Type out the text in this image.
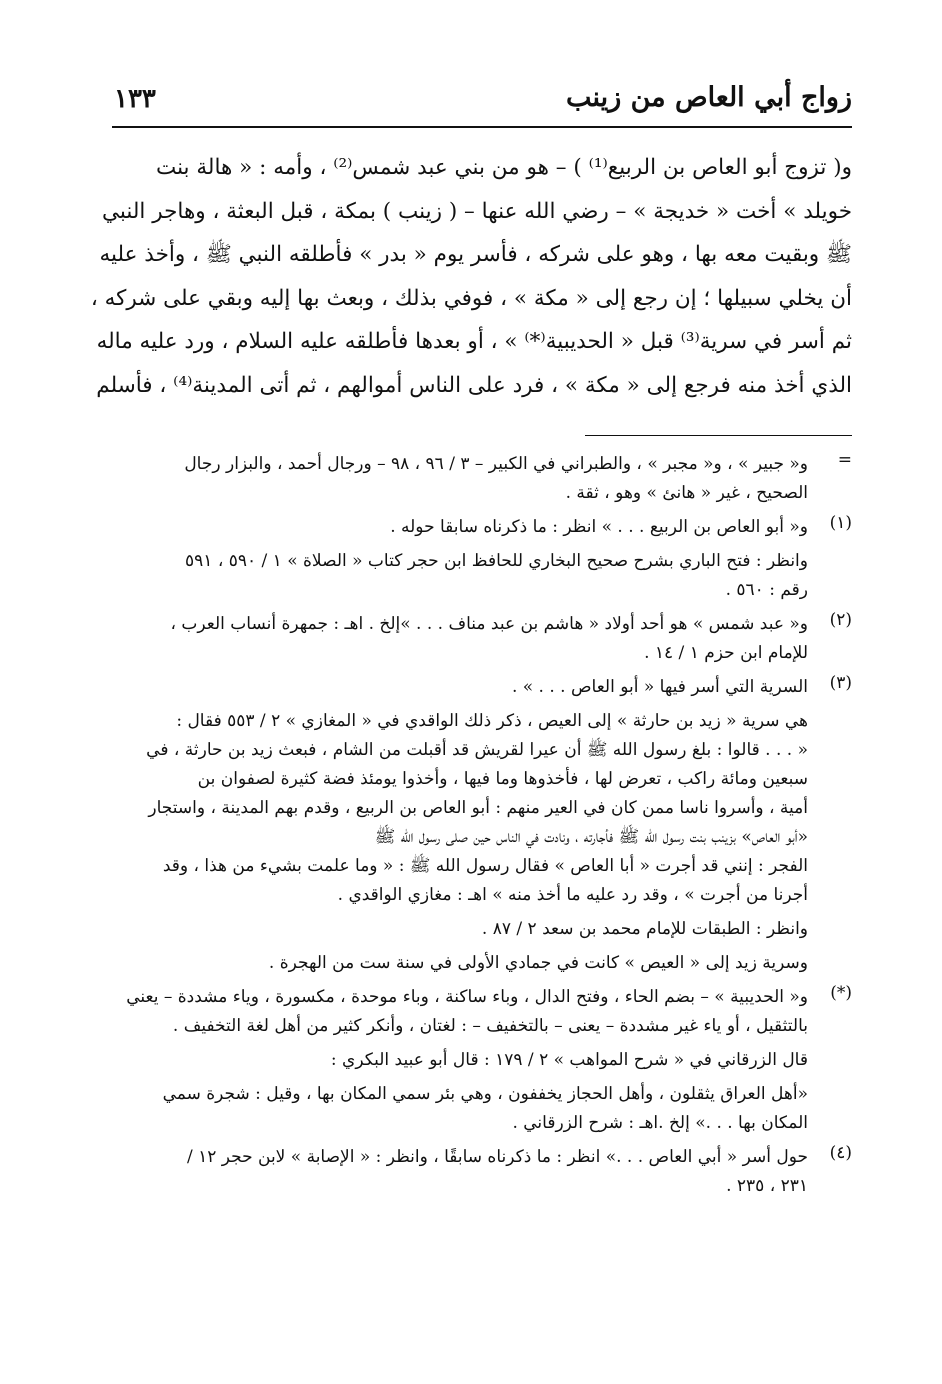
١٣٣	زواج أبي العاص من زينب
و( تزوج أبو العاص بن الربيع⁽¹⁾ ) – هو من بني عبد شمس⁽²⁾ ، وأمه : « هالة بنت
خويلد » أخت « خديجة » – رضي الله عنها – ( زينب ) بمكة ، قبل البعثة ، وهاجر النبي
ﷺ وبقيت معه بها ، وهو على شركه ، فأسر يوم « بدر » فأطلقه النبي ﷺ ، وأخذ عليه
أن يخلي سبيلها ؛ إن رجع إلى « مكة » ، فوفي بذلك ، وبعث بها إليه وبقي على شركه ،
ثم أسر في سرية⁽³⁾ قبل « الحديبية⁽*⁾ » ، أو بعدها فأطلقه عليه السلام ، ورد عليه ماله
الذي أخذ منه فرجع إلى « مكة » ، فرد على الناس أموالهم ، ثم أتى المدينة⁽⁴⁾ ، فأسلم
=
و« جبير » ، و« مجبر » ، والطبراني في الكبير – ٣ / ٩٦ ، ٩٨ – ورجال أحمد ، والبزار رجال
الصحيح ، غير « هانئ » وهو ، ثقة .
(١)
و« أبو العاص بن الربيع . . . » انظر : ما ذكرناه سابقا حوله .
وانظر : فتح الباري بشرح صحيح البخاري للحافظ ابن حجر كتاب « الصلاة » ١ / ٥٩٠ ، ٥٩١
رقم : ٥٦٠ .
(٢)
و« عبد شمس » هو أحد أولاد « هاشم بن عبد مناف . . . »إلخ . اهـ : جمهرة أنساب العرب ،
للإمام ابن حزم ١ / ١٤ .
(٣)
السرية التي أسر فيها « أبو العاص . . . » .
هي سرية « زيد بن حارثة » إلى العيص ، ذكر ذلك الواقدي في « المغازي » ٢ / ٥٥٣ فقال :
« . . . قالوا : بلغ رسول الله ﷺ أن عيرا لقريش قد أقبلت من الشام ، فبعث زيد بن حارثة ، في
سبعين ومائة راكب ، تعرض لها ، فأخذوها وما فيها ، وأخذوا يومئذ فضة كثيرة لصفوان بن
أمية ، وأسروا ناسا ممن كان في العير منهم : أبو العاص بن الربيع ، وقدم بهم المدينة ، واستجار
«أبو العاص» بزينب بنت رسول الله ﷺ فأجارته ، ونادت في الناس حين صلى رسول الله ﷺ
الفجر : إنني قد أجرت « أبا العاص » فقال رسول الله ﷺ : « وما علمت بشيء من هذا ، وقد
أجرنا من أجرت » ، وقد رد عليه ما أخذ منه » اهـ : مغازي الواقدي .
وانظر : الطبقات للإمام محمد بن سعد ٢ / ٨٧ .
وسرية زيد إلى « العيص » كانت في جمادي الأولى في سنة ست من الهجرة .
(*)
و« الحديبية » – بضم الحاء ، وفتح الدال ، وباء ساكنة ، وباء موحدة ، مكسورة ، وياء مشددة – يعني
بالتثقيل ، أو ياء غير مشددة – يعنى – بالتخفيف – : لغتان ، وأنكر كثير من أهل لغة التخفيف .
قال الزرقاني في « شرح المواهب » ٢ / ١٧٩ : قال أبو عبيد البكري :
«أهل العراق يثقلون ، وأهل الحجاز يخففون ، وهي بئر سمي المكان بها ، وقيل : شجرة سمي
المكان بها . . .» إلخ .اهـ : شرح الزرقاني .
(٤)
حول أسر « أبي العاص . . .» انظر : ما ذكرناه سابقًا ، وانظر : « الإصابة » لابن حجر ١٢ /
٢٣١ ، ٢٣٥ .
